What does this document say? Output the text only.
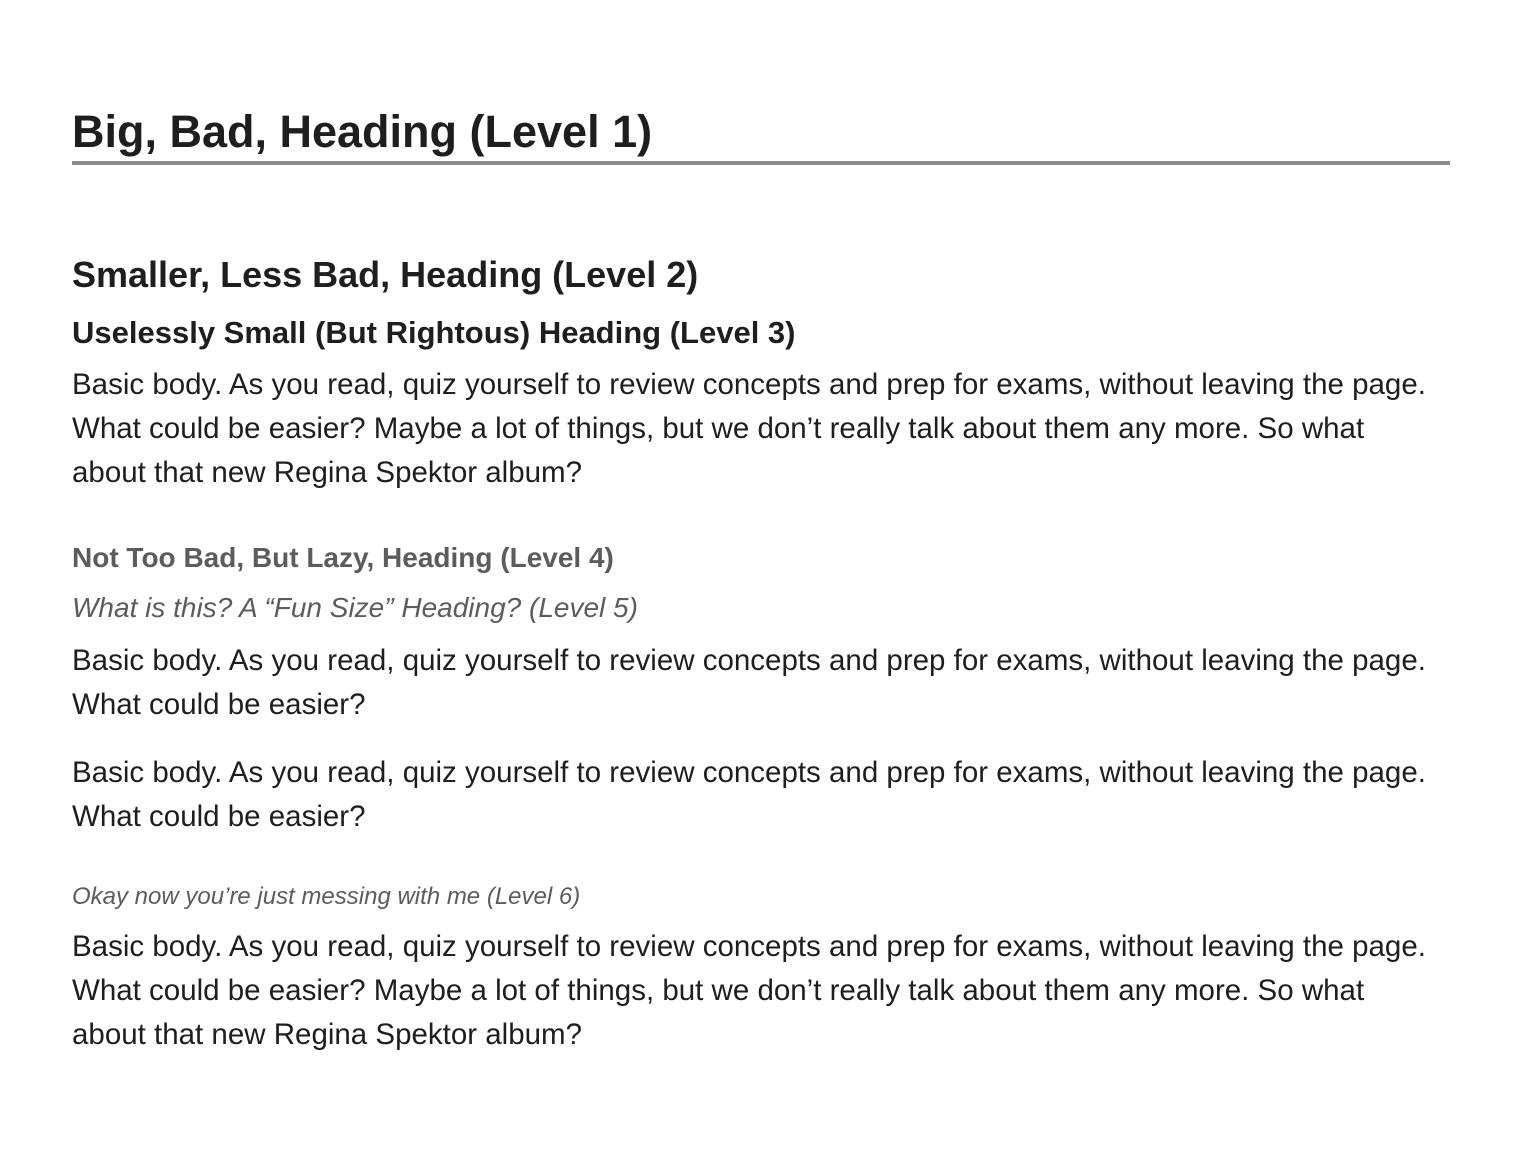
Big, Bad, Heading (Level 1)
Smaller, Less Bad, Heading (Level 2)
Uselessly Small (But Rightous) Heading (Level 3)

Basic body. As you read, quiz yourself to review concepts and prep for exams, without leaving the page. What could be easier? Maybe a lot of things, but we don’t really talk about them any more. So what about that new Regina Spektor album?

Not Too Bad, But Lazy, Heading (Level 4)
What is this? A “Fun Size” Heading? (Level 5)

Basic body. As you read, quiz yourself to review concepts and prep for exams, without leaving the page. What could be easier?

Basic body. As you read, quiz yourself to review concepts and prep for exams, without leaving the page. What could be easier?

Okay now you’re just messing with me (Level 6)

Basic body. As you read, quiz yourself to review concepts and prep for exams, without leaving the page. What could be easier? Maybe a lot of things, but we don’t really talk about them any more. So what about that new Regina Spektor album?
